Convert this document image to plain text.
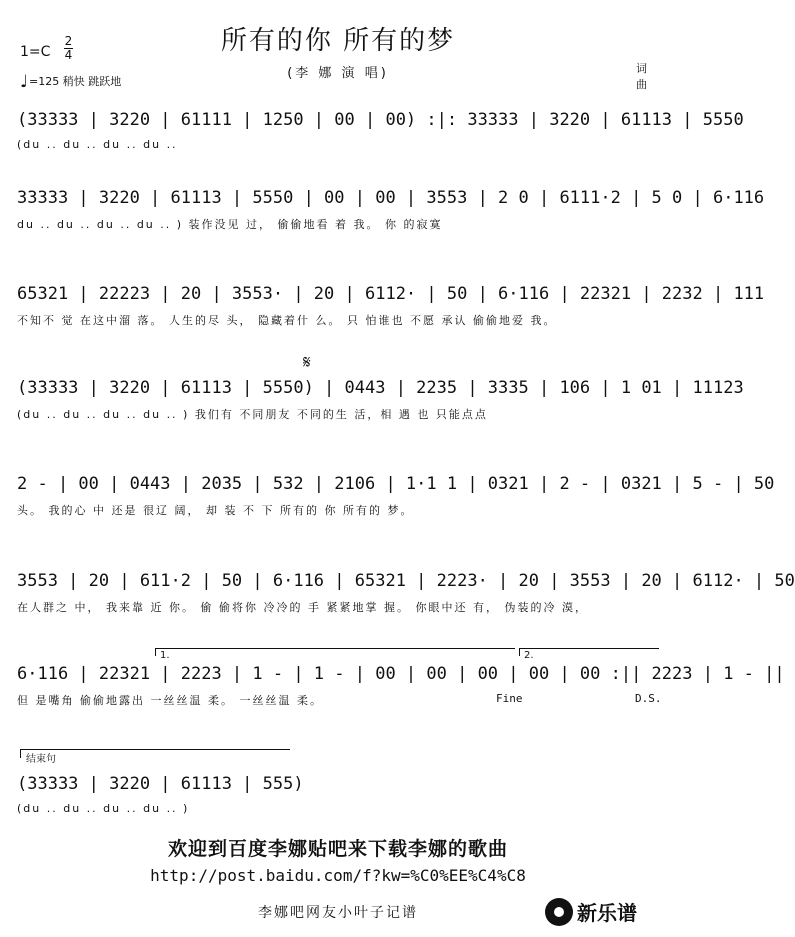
所有的你 所有的梦
(李 娜 演 唱)
1=C
2
4
♩=125 稍快 跳跃地
词
曲
(33333 | 3220 | 61111 | 1250 | 00 | 00) :|: 33333 | 3220 | 61113 | 5550
(du .. du .. du .. du ..
33333 | 3220 | 61113 | 5550 | 00 | 00 | 3553 | 2 0 | 6111·2 | 5 0 | 6·116
du .. du .. du .. du .. ) 装作没见 过， 偷偷地看 着 我。 你 的寂寞
65321 | 22223 | 20 | 3553· | 20 | 6112· | 50 | 6·116 | 22321 | 2232 | 111
不知不 觉 在这中溜 落。 人生的尽 头， 隐藏着什 么。 只 怕谁也 不愿 承认 偷偷地爱 我。
𝄋
(33333 | 3220 | 61113 | 5550) | 0443 | 2235 | 3335 | 106 | 1 01 | 11123
(du .. du .. du .. du .. ) 我们有 不同朋友 不同的生 活，相 遇 也 只能点点
2 - | 00 | 0443 | 2035 | 532 | 2106 | 1·1 1 | 0321 | 2 - | 0321 | 5 - | 50
头。 我的心 中 还是 很辽 阔， 却 装 不 下 所有的 你 所有的 梦。
3553 | 20 | 611·2 | 50 | 6·116 | 65321 | 2223· | 20 | 3553 | 20 | 6112· | 50
在人群之 中， 我来靠 近 你。 偷 偷将你 冷冷的 手 紧紧地掌 握。 你眼中还 有， 伪装的冷 漠，
1.	2.
6·116 | 22321 | 2223 | 1 - | 1 - | 00 | 00 | 00 | 00 | 00 :|| 2223 | 1 - ||
但 是嘴角 偷偷地露出 一丝丝温 柔。 一丝丝温 柔。	Fine	D.S.
结束句
(33333 | 3220 | 61113 | 555)
(du .. du .. du .. du .. )
欢迎到百度李娜贴吧来下载李娜的歌曲
http://post.baidu.com/f?kw=%C0%EE%C4%C8
李娜吧网友小叶子记谱	新乐谱
